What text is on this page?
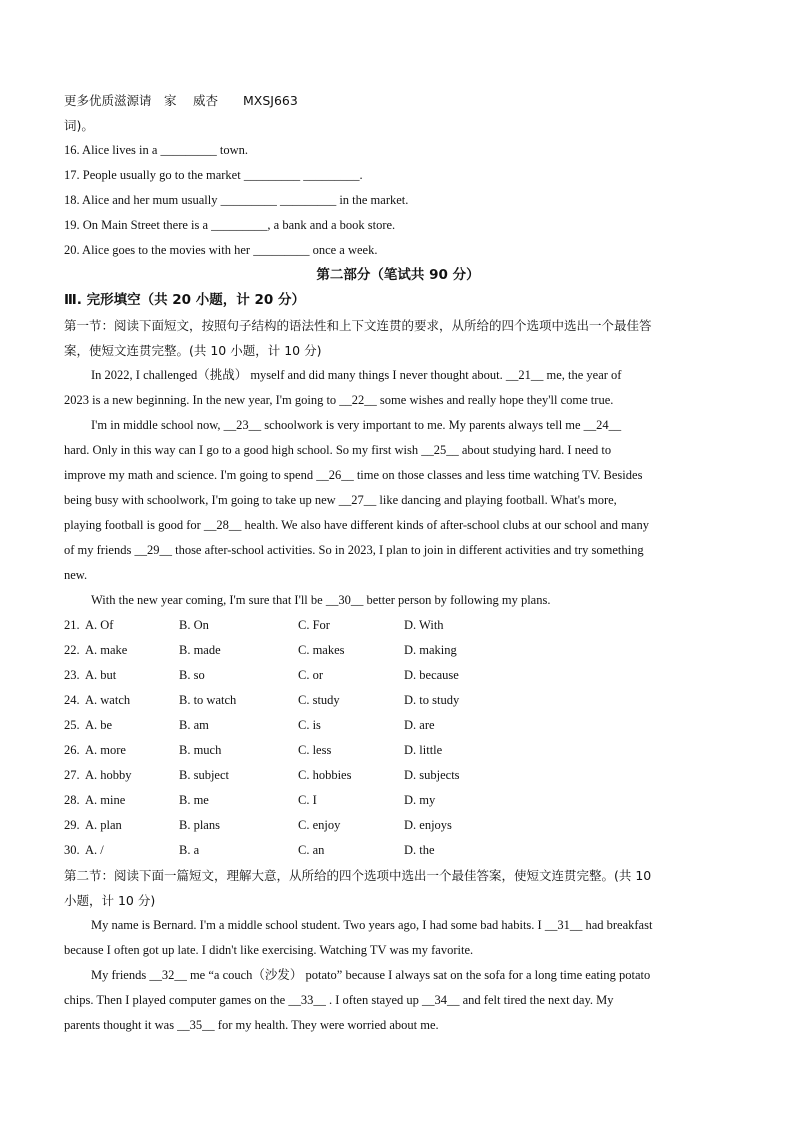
更多优质滋源请　家　 威杏　　MXSJ663
词)。
16. Alice lives in a _________ town.
17. People usually go to the market _________ _________.
18. Alice and her mum usually _________ _________ in the market.
19. On Main Street there is a _________, a bank and a book store.
20. Alice goes to the movies with her _________ once a week.
第二部分（笔试共 90 分）
Ⅲ. 完形填空（共 20 小题，计 20 分）
第一节：阅读下面短文，按照句子结构的语法性和上下文连贯的要求，从所给的四个选项中选出一个最佳答
案，使短文连贯完整。(共 10 小题，计 10 分)
In 2022, I challenged（挑战） myself and did many things I never thought about. __21__ me, the year of
2023 is a new beginning. In the new year, I'm going to __22__ some wishes and really hope they'll come true.
I'm in middle school now, __23__ schoolwork is very important to me. My parents always tell me __24__
hard. Only in this way can I go to a good high school. So my first wish __25__ about studying hard. I need to
improve my math and science. I'm going to spend __26__ time on those classes and less time watching TV. Besides
being busy with schoolwork, I'm going to take up new __27__ like dancing and playing football. What's more,
playing football is good for __28__ health. We also have different kinds of after-school clubs at our school and many
of my friends __29__ those after-school activities. So in 2023, I plan to join in different activities and try something
new.
With the new year coming, I'm sure that I'll be __30__ better person by following my plans.
21. A. Of	B. On	C. For	D. With
22. A. make	B. made	C. makes	D. making
23. A. but	B. so	C. or	D. because
24. A. watch	B. to watch	C. study	D. to study
25. A. be	B. am	C. is	D. are
26. A. more	B. much	C. less	D. little
27. A. hobby	B. subject	C. hobbies	D. subjects
28. A. mine	B. me	C. I	D. my
29. A. plan	B. plans	C. enjoy	D. enjoys
30. A. /	B. a	C. an	D. the
第二节：阅读下面一篇短文，理解大意，从所给的四个选项中选出一个最佳答案，使短文连贯完整。(共 10
小题，计 10 分)
My name is Bernard. I'm a middle school student. Two years ago, I had some bad habits. I __31__ had breakfast
because I often got up late. I didn't like exercising. Watching TV was my favorite.
My friends __32__ me “a couch（沙发） potato” because I always sat on the sofa for a long time eating potato
chips. Then I played computer games on the __33__ . I often stayed up __34__ and felt tired the next day. My
parents thought it was __35__ for my health. They were worried about me.
